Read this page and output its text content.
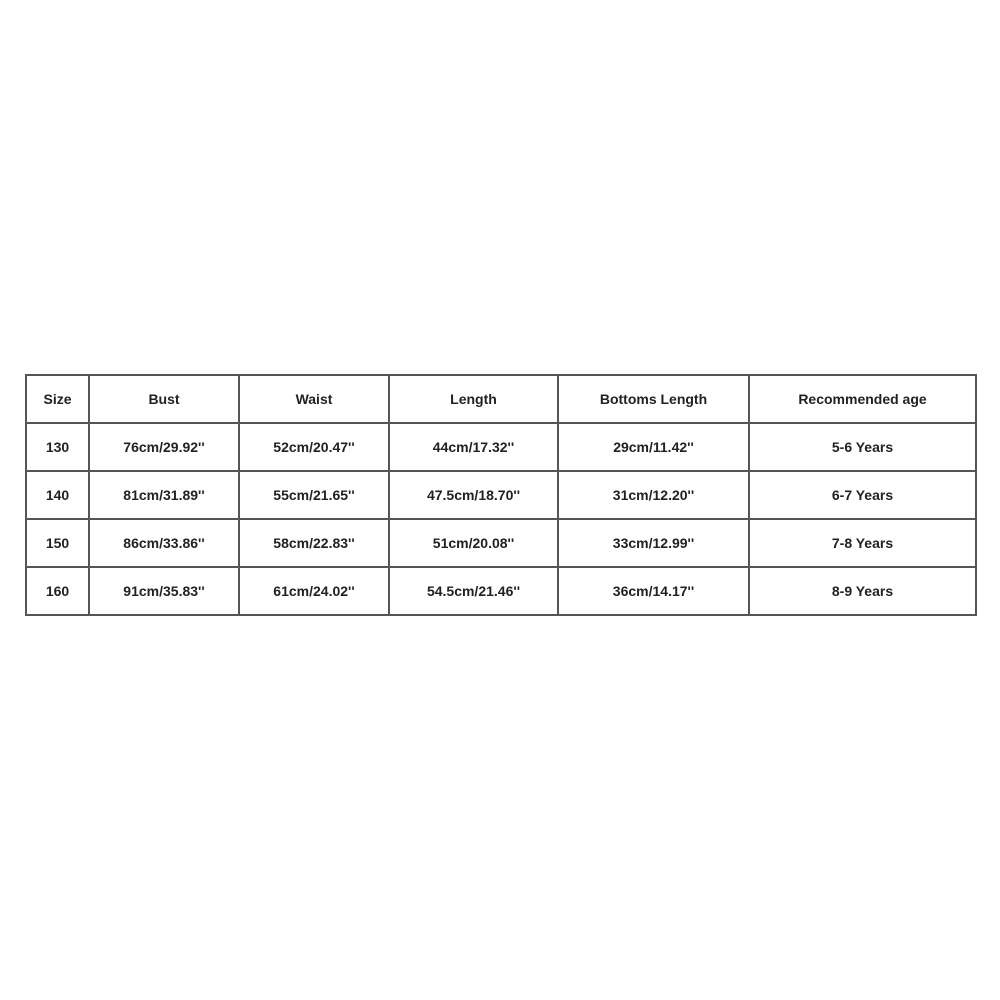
Size	Bust	Waist	Length	Bottoms Length	Recommended age
130	76cm/29.92''	52cm/20.47''	44cm/17.32''	29cm/11.42''	5-6 Years
140	81cm/31.89''	55cm/21.65''	47.5cm/18.70''	31cm/12.20''	6-7 Years
150	86cm/33.86''	58cm/22.83''	51cm/20.08''	33cm/12.99''	7-8 Years
160	91cm/35.83''	61cm/24.02''	54.5cm/21.46''	36cm/14.17''	8-9 Years
